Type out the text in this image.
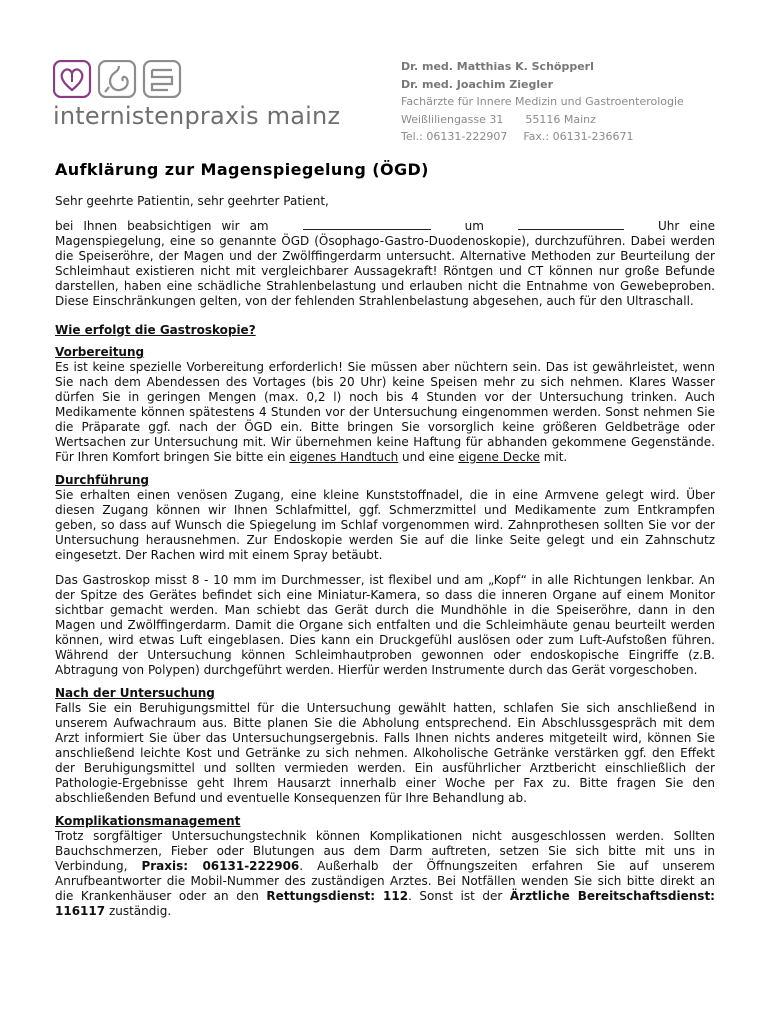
internistenpraxis mainz
Dr. med. Matthias K. Schöpperl
Dr. med. Joachim Ziegler
Fachärzte für Innere Medizin und Gastroenterologie
Weißliliengasse 31 55116 Mainz
Tel.: 06131-222907 Fax.: 06131-236671
Aufklärung zur Magenspiegelung (ÖGD)

Sehr geehrte Patientin, sehr geehrter Patient,

bei Ihnen beabsichtigen wir am	um	Uhr eine Magenspiegelung, eine so genannte ÖGD (Ösophago-Gastro-Duodenoskopie), durchzuführen. Dabei werden die Speiseröhre, der Magen und der Zwölffingerdarm untersucht. Alternative Methoden zur Beurteilung der Schleimhaut existieren nicht mit vergleichbarer Aussagekraft! Röntgen und CT können nur große Befunde darstellen, haben eine schädliche Strahlenbelastung und erlauben nicht die Entnahme von Gewebeproben. Diese Einschränkungen gelten, von der fehlenden Strahlenbelastung abgesehen, auch für den Ultraschall.

Wie erfolgt die Gastroskopie?
Vorbereitung

Es ist keine spezielle Vorbereitung erforderlich! Sie müssen aber nüchtern sein. Das ist gewährleistet, wenn Sie nach dem Abendessen des Vortages (bis 20 Uhr) keine Speisen mehr zu sich nehmen. Klares Wasser dürfen Sie in geringen Mengen (max. 0,2 l) noch bis 4 Stunden vor der Untersuchung trinken. Auch Medikamente können spätestens 4 Stunden vor der Untersuchung eingenommen werden. Sonst nehmen Sie die Präparate ggf. nach der ÖGD ein. Bitte bringen Sie vorsorglich keine größeren Geldbeträge oder Wertsachen zur Untersuchung mit. Wir übernehmen keine Haftung für abhanden gekommene Gegenstände. Für Ihren Komfort bringen Sie bitte ein eigenes Handtuch und eine eigene Decke mit.

Durchführung

Sie erhalten einen venösen Zugang, eine kleine Kunststoffnadel, die in eine Armvene gelegt wird. Über diesen Zugang können wir Ihnen Schlafmittel, ggf. Schmerzmittel und Medikamente zum Entkrampfen geben, so dass auf Wunsch die Spiegelung im Schlaf vorgenommen wird. Zahnprothesen sollten Sie vor der Untersuchung herausnehmen. Zur Endoskopie werden Sie auf die linke Seite gelegt und ein Zahnschutz eingesetzt. Der Rachen wird mit einem Spray betäubt.

Das Gastroskop misst 8 - 10 mm im Durchmesser, ist flexibel und am „Kopf“ in alle Richtungen lenkbar. An der Spitze des Gerätes befindet sich eine Miniatur-Kamera, so dass die inneren Organe auf einem Monitor sichtbar gemacht werden. Man schiebt das Gerät durch die Mundhöhle in die Speiseröhre, dann in den Magen und Zwölffingerdarm. Damit die Organe sich entfalten und die Schleimhäute genau beurteilt werden können, wird etwas Luft eingeblasen. Dies kann ein Druckgefühl auslösen oder zum Luft-Aufstoßen führen. Während der Untersuchung können Schleimhautproben gewonnen oder endoskopische Eingriffe (z.B. Abtragung von Polypen) durchgeführt werden. Hierfür werden Instrumente durch das Gerät vorgeschoben.

Nach der Untersuchung

Falls Sie ein Beruhigungsmittel für die Untersuchung gewählt hatten, schlafen Sie sich anschließend in unserem Aufwachraum aus. Bitte planen Sie die Abholung entsprechend. Ein Abschlussgespräch mit dem Arzt informiert Sie über das Untersuchungsergebnis. Falls Ihnen nichts anderes mitgeteilt wird, können Sie anschließend leichte Kost und Getränke zu sich nehmen. Alkoholische Getränke verstärken ggf. den Effekt der Beruhigungsmittel und sollten vermieden werden. Ein ausführlicher Arztbericht einschließlich der Pathologie-Ergebnisse geht Ihrem Hausarzt innerhalb einer Woche per Fax zu. Bitte fragen Sie den abschließenden Befund und eventuelle Konsequenzen für Ihre Behandlung ab.

Komplikationsmanagement

Trotz sorgfältiger Untersuchungstechnik können Komplikationen nicht ausgeschlossen werden. Sollten Bauchschmerzen, Fieber oder Blutungen aus dem Darm auftreten, setzen Sie sich bitte mit uns in Verbindung, Praxis: 06131-222906. Außerhalb der Öffnungszeiten erfahren Sie auf unserem Anrufbeantworter die Mobil-Nummer des zuständigen Arztes. Bei Notfällen wenden Sie sich bitte direkt an die Krankenhäuser oder an den Rettungsdienst: 112. Sonst ist der Ärztliche Bereitschaftsdienst: 116117 zuständig.
